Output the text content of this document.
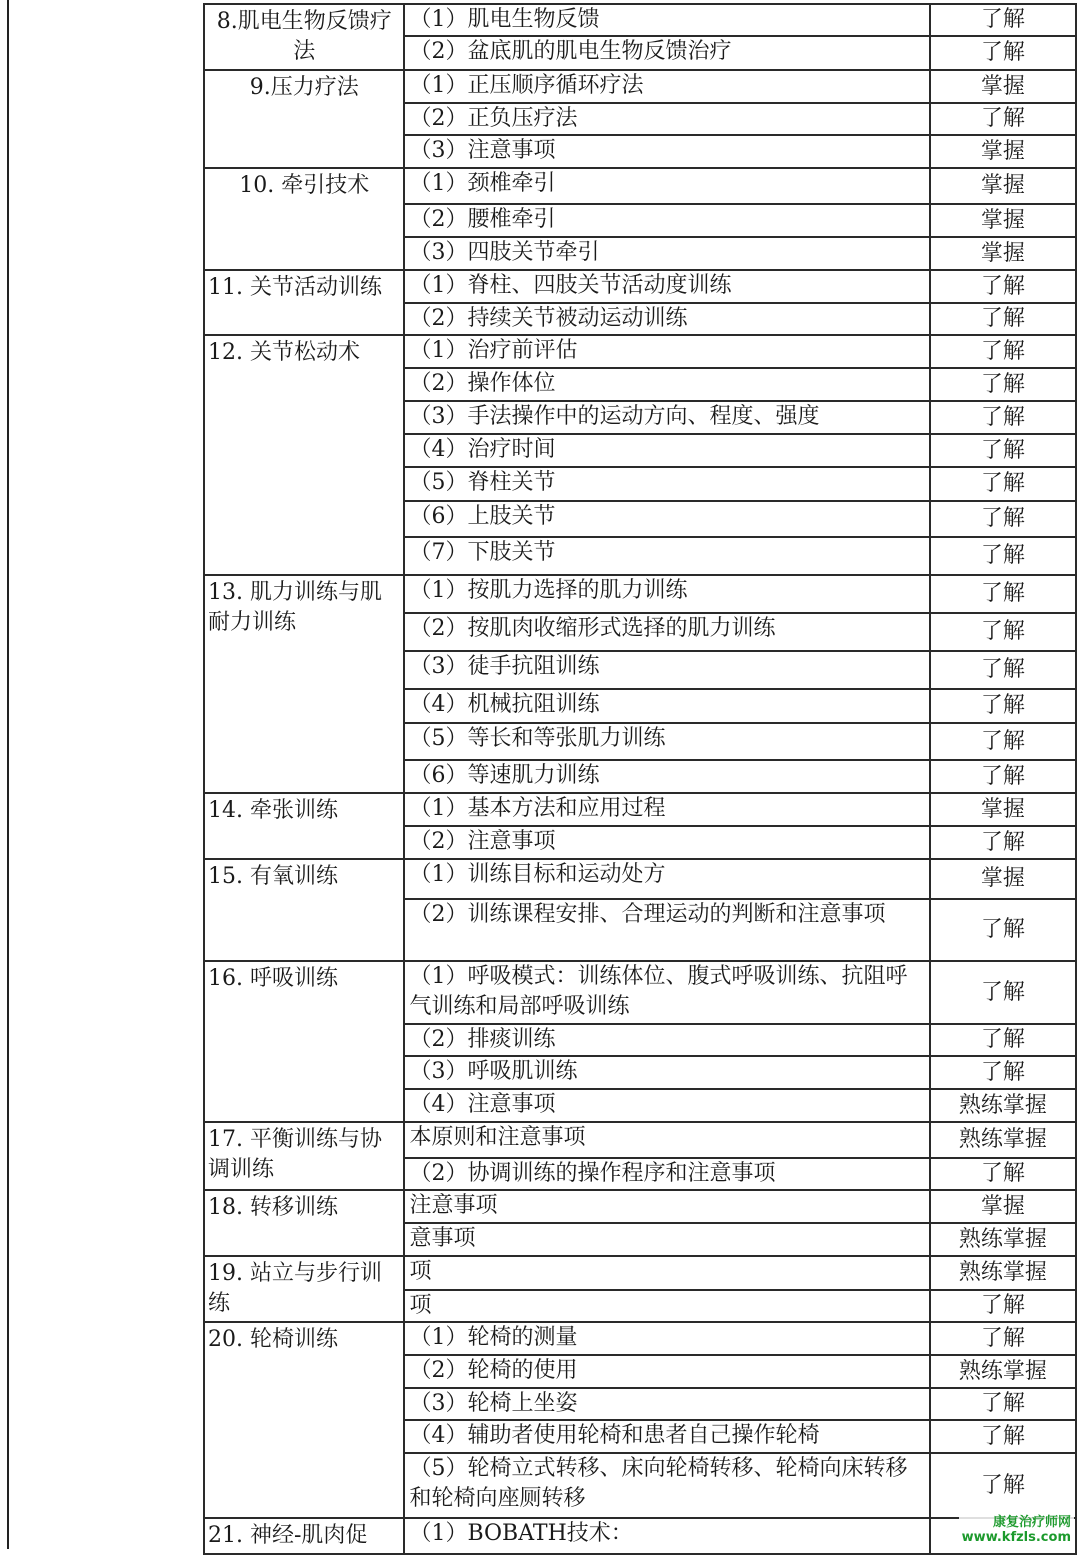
8.肌电生物反馈疗法	（1）肌电生物反馈	了解
	（2）盆底肌的肌电生物反馈治疗	了解
9.压力疗法	（1）正压顺序循环疗法	掌握
	（2）正负压疗法	了解
	（3）注意事项	掌握
10. 牵引技术	（1）颈椎牵引	掌握
	（2）腰椎牵引	掌握
	（3）四肢关节牵引	掌握
11. 关节活动训练	（1）脊柱、四肢关节活动度训练	了解
	（2）持续关节被动运动训练	了解
12. 关节松动术	（1）治疗前评估	了解
	（2）操作体位	了解
	（3）手法操作中的运动方向、程度、强度	了解
	（4）治疗时间	了解
	（5）脊柱关节	了解
	（6）上肢关节	了解
	（7）下肢关节	了解
13. 肌力训练与肌耐力训练	（1）按肌力选择的肌力训练	了解
	（2）按肌肉收缩形式选择的肌力训练	了解
	（3）徒手抗阻训练	了解
	（4）机械抗阻训练	了解
	（5）等长和等张肌力训练	了解
	（6）等速肌力训练	了解
14. 牵张训练	（1）基本方法和应用过程	掌握
	（2）注意事项	了解
15. 有氧训练	（1）训练目标和运动处方	掌握
	（2）训练课程安排、合理运动的判断和注意事项	了解
16. 呼吸训练	（1）呼吸模式：训练体位、腹式呼吸训练、抗阻呼气训练和局部呼吸训练	了解
	（2）排痰训练	了解
	（3）呼吸肌训练	了解
	（4）注意事项	熟练掌握
17. 平衡训练与协调训练	本原则和注意事项	熟练掌握
	（2）协调训练的操作程序和注意事项	了解
18. 转移训练	注意事项	掌握
	意事项	熟练掌握
19. 站立与步行训练	项	熟练掌握
	项	了解
20. 轮椅训练	（1）轮椅的测量	了解
	（2）轮椅的使用	熟练掌握
	（3）轮椅上坐姿	了解
	（4）辅助者使用轮椅和患者自己操作轮椅	了解
	（5）轮椅立式转移、床向轮椅转移、轮椅向床转移和轮椅向座厕转移	了解
21. 神经-肌肉促	（1）BOBATH技术：		康复治疗师网
www.kfzls.com
